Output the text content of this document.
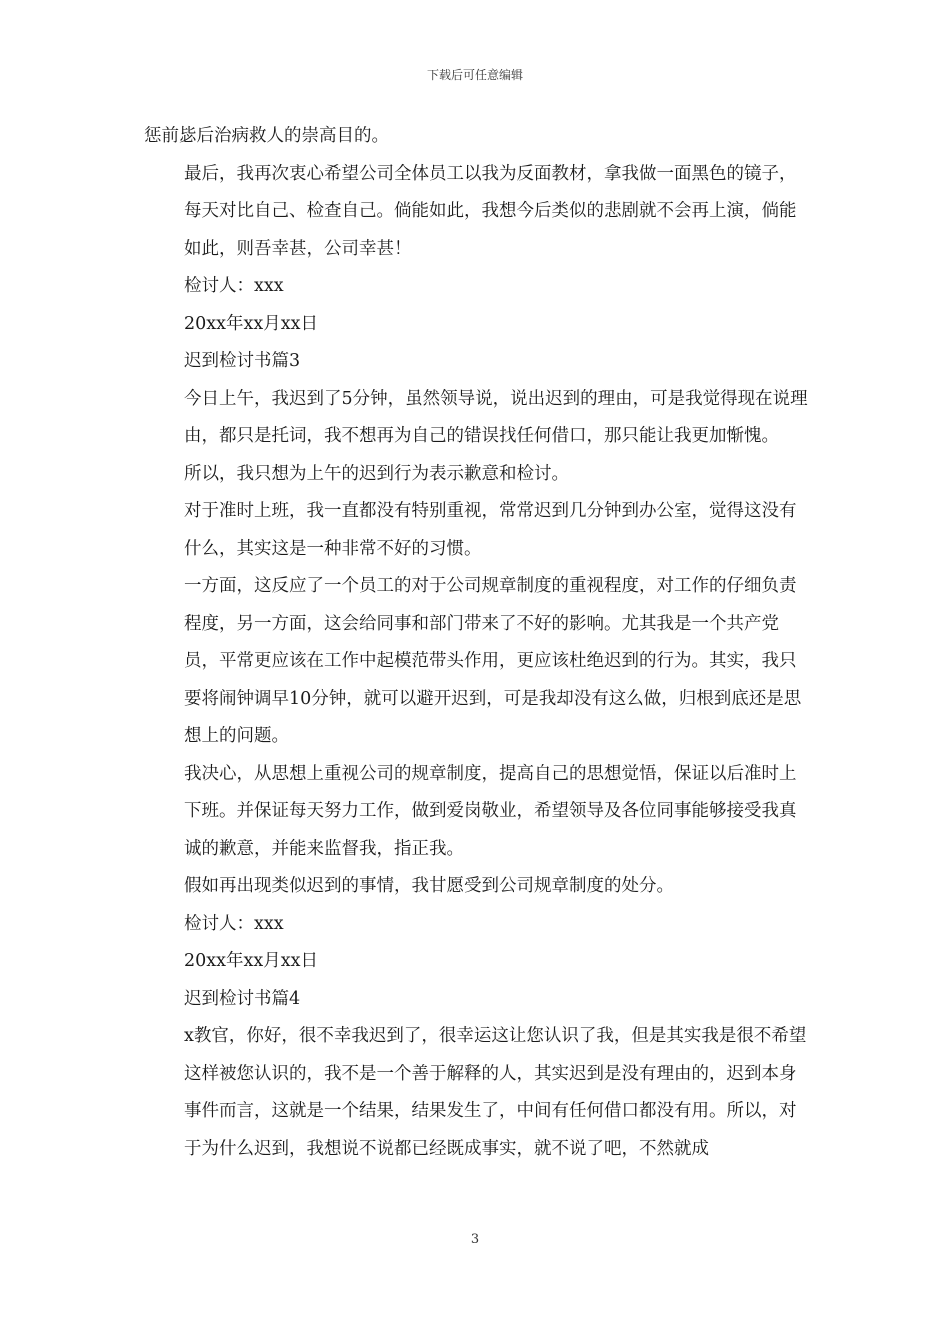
下载后可任意编辑

惩前毖后治病救人的崇高目的。

最后，我再次衷心希望公司全体员工以我为反面教材，拿我做一面黑色的镜子，每天对比自己、检查自己。倘能如此，我想今后类似的悲剧就不会再上演，倘能如此，则吾幸甚，公司幸甚！

检讨人：xxx

20xx年xx月xx日

迟到检讨书篇3

今日上午，我迟到了5分钟，虽然领导说，说出迟到的理由，可是我觉得现在说理由，都只是托词，我不想再为自己的错误找任何借口，那只能让我更加惭愧。

所以，我只想为上午的迟到行为表示歉意和检讨。

对于准时上班，我一直都没有特别重视，常常迟到几分钟到办公室，觉得这没有什么，其实这是一种非常不好的习惯。

一方面，这反应了一个员工的对于公司规章制度的重视程度，对工作的仔细负责程度，另一方面，这会给同事和部门带来了不好的影响。尤其我是一个共产党员，平常更应该在工作中起模范带头作用，更应该杜绝迟到的行为。其实，我只要将闹钟调早10分钟，就可以避开迟到，可是我却没有这么做，归根到底还是思想上的问题。

我决心，从思想上重视公司的规章制度，提高自己的思想觉悟，保证以后准时上下班。并保证每天努力工作，做到爱岗敬业，希望领导及各位同事能够接受我真诚的歉意，并能来监督我，指正我。

假如再出现类似迟到的事情，我甘愿受到公司规章制度的处分。

检讨人：xxx

20xx年xx月xx日

迟到检讨书篇4

x教官，你好，很不幸我迟到了，很幸运这让您认识了我，但是其实我是很不希望这样被您认识的，我不是一个善于解释的人，其实迟到是没有理由的，迟到本身事件而言，这就是一个结果，结果发生了，中间有任何借口都没有用。所以，对于为什么迟到，我想说不说都已经既成事实，就不说了吧，不然就成

3
